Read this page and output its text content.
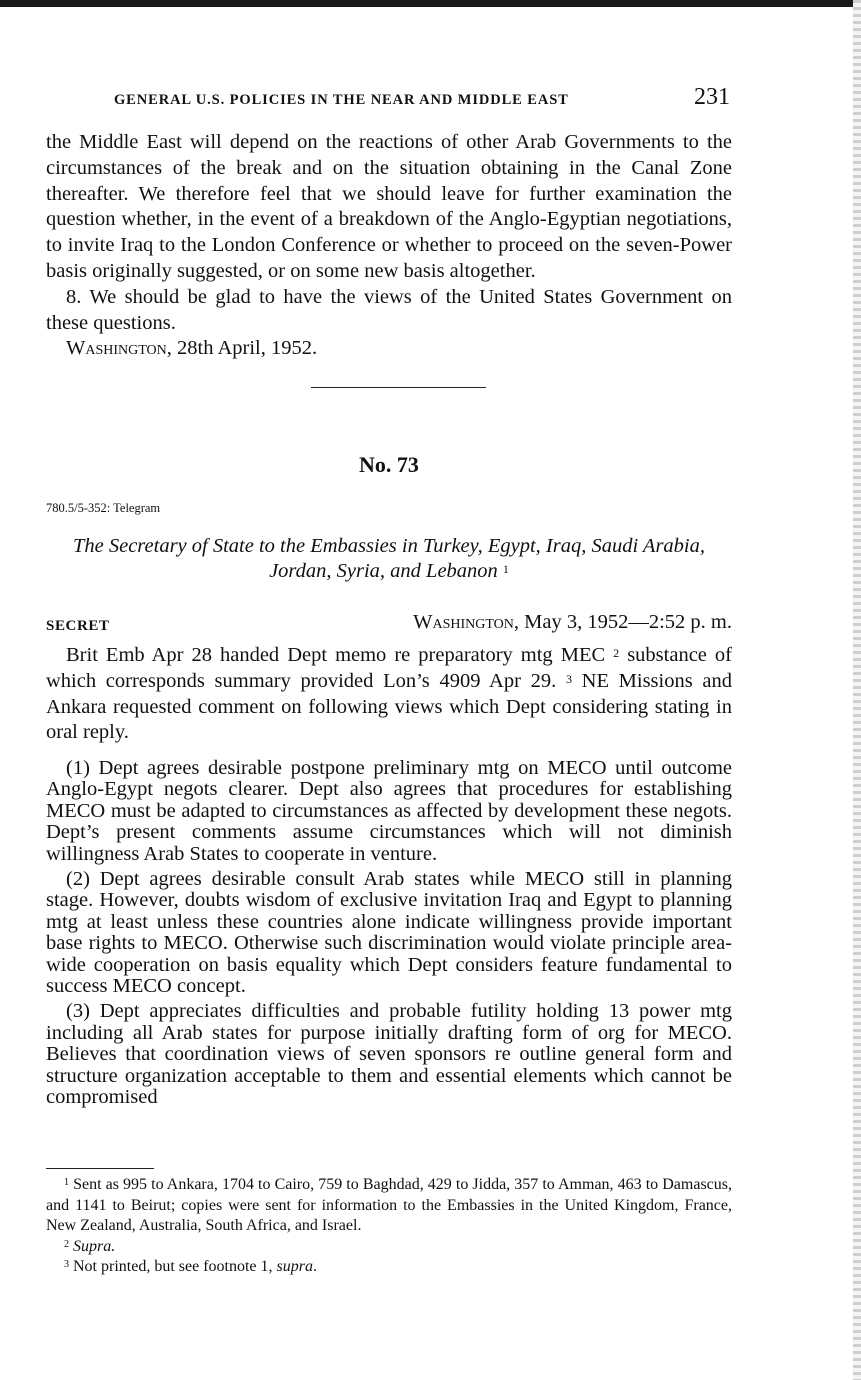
GENERAL U.S. POLICIES IN THE NEAR AND MIDDLE EAST	231

the Middle East will depend on the reactions of other Arab Governments to the circumstances of the break and on the situation obtaining in the Canal Zone thereafter. We therefore feel that we should leave for further examination the question whether, in the event of a breakdown of the Anglo-Egyptian negotiations, to invite Iraq to the London Conference or whether to proceed on the seven-Power basis originally suggested, or on some new basis altogether.

8. We should be glad to have the views of the United States Government on these questions.

Washington, 28th April, 1952.

No. 73
780.5/5-352: Telegram
The Secretary of State to the Embassies in Turkey, Egypt, Iraq, Saudi Arabia, Jordan, Syria, and Lebanon $^1$
SECRET	Washington, May 3, 1952—2:52 p. m.

Brit Emb Apr 28 handed Dept memo re preparatory mtg MEC $^2$ substance of which corresponds summary provided Lon’s 4909 Apr 29. $^3$ NE Missions and Ankara requested comment on following views which Dept considering stating in oral reply.

(1) Dept agrees desirable postpone preliminary mtg on MECO until outcome Anglo-Egypt negots clearer. Dept also agrees that procedures for establishing MECO must be adapted to circumstances as affected by development these negots. Dept’s present comments assume circumstances which will not diminish willingness Arab States to cooperate in venture.

(2) Dept agrees desirable consult Arab states while MECO still in planning stage. However, doubts wisdom of exclusive invitation Iraq and Egypt to planning mtg at least unless these countries alone indicate willingness provide important base rights to MECO. Otherwise such discrimination would violate principle area-wide cooperation on basis equality which Dept considers feature fundamental to success MECO concept.

(3) Dept appreciates difficulties and probable futility holding 13 power mtg including all Arab states for purpose initially drafting form of org for MECO. Believes that coordination views of seven sponsors re outline general form and structure organization acceptable to them and essential elements which cannot be compromised

$^1$ Sent as 995 to Ankara, 1704 to Cairo, 759 to Baghdad, 429 to Jidda, 357 to Amman, 463 to Damascus, and 1141 to Beirut; copies were sent for information to the Embassies in the United Kingdom, France, New Zealand, Australia, South Africa, and Israel.

$^2$ Supra.

$^3$ Not printed, but see footnote 1, supra.
